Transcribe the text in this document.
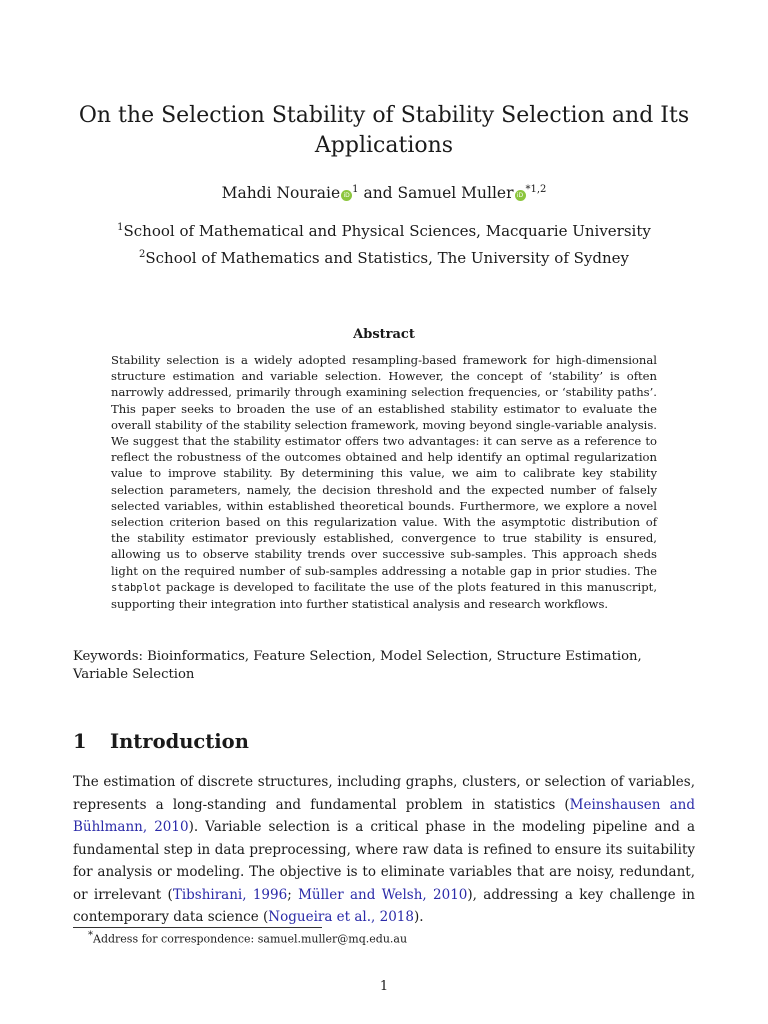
On the Selection Stability of Stability Selection and Its Applications
Mahdi Nouraie $iD^1$ and Samuel Muller iD$^{*1,2}$
$^1$School of Mathematical and Physical Sciences, Macquarie University
$^2$School of Mathematics and Statistics, The University of Sydney
Abstract
Stability selection is a widely adopted resampling-based framework for high-dimensional structure estimation and variable selection. However, the concept of ‘stability’ is often narrowly addressed, primarily through examining selection frequencies, or ‘stability paths’. This paper seeks to broaden the use of an established stability estimator to evaluate the overall stability of the stability selection framework, moving beyond single-variable analysis. We suggest that the stability estimator offers two advantages: it can serve as a reference to reflect the robustness of the outcomes obtained and help identify an optimal regularization value to improve stability. By determining this value, we aim to calibrate key stability selection parameters, namely, the decision threshold and the expected number of falsely selected variables, within established theoretical bounds. Furthermore, we explore a novel selection criterion based on this regularization value. With the asymptotic distribution of the stability estimator previously established, convergence to true stability is ensured, allowing us to observe stability trends over successive sub-samples. This approach sheds light on the required number of sub-samples addressing a notable gap in prior studies. The stabplot package is developed to facilitate the use of the plots featured in this manuscript, supporting their integration into further statistical analysis and research workflows.
Keywords: Bioinformatics, Feature Selection, Model Selection, Structure Estimation, Variable Selection
1 Introduction
The estimation of discrete structures, including graphs, clusters, or selection of variables, represents a long-standing and fundamental problem in statistics (Meinshausen and Bühlmann, 2010). Variable selection is a critical phase in the modeling pipeline and a fundamental step in data preprocessing, where raw data is refined to ensure its suitability for analysis or modeling. The objective is to eliminate variables that are noisy, redundant, or irrelevant (Tibshirani, 1996; Müller and Welsh, 2010), addressing a key challenge in contemporary data science (Nogueira et al., 2018).
*Address for correspondence: samuel.muller@mq.edu.au
1
